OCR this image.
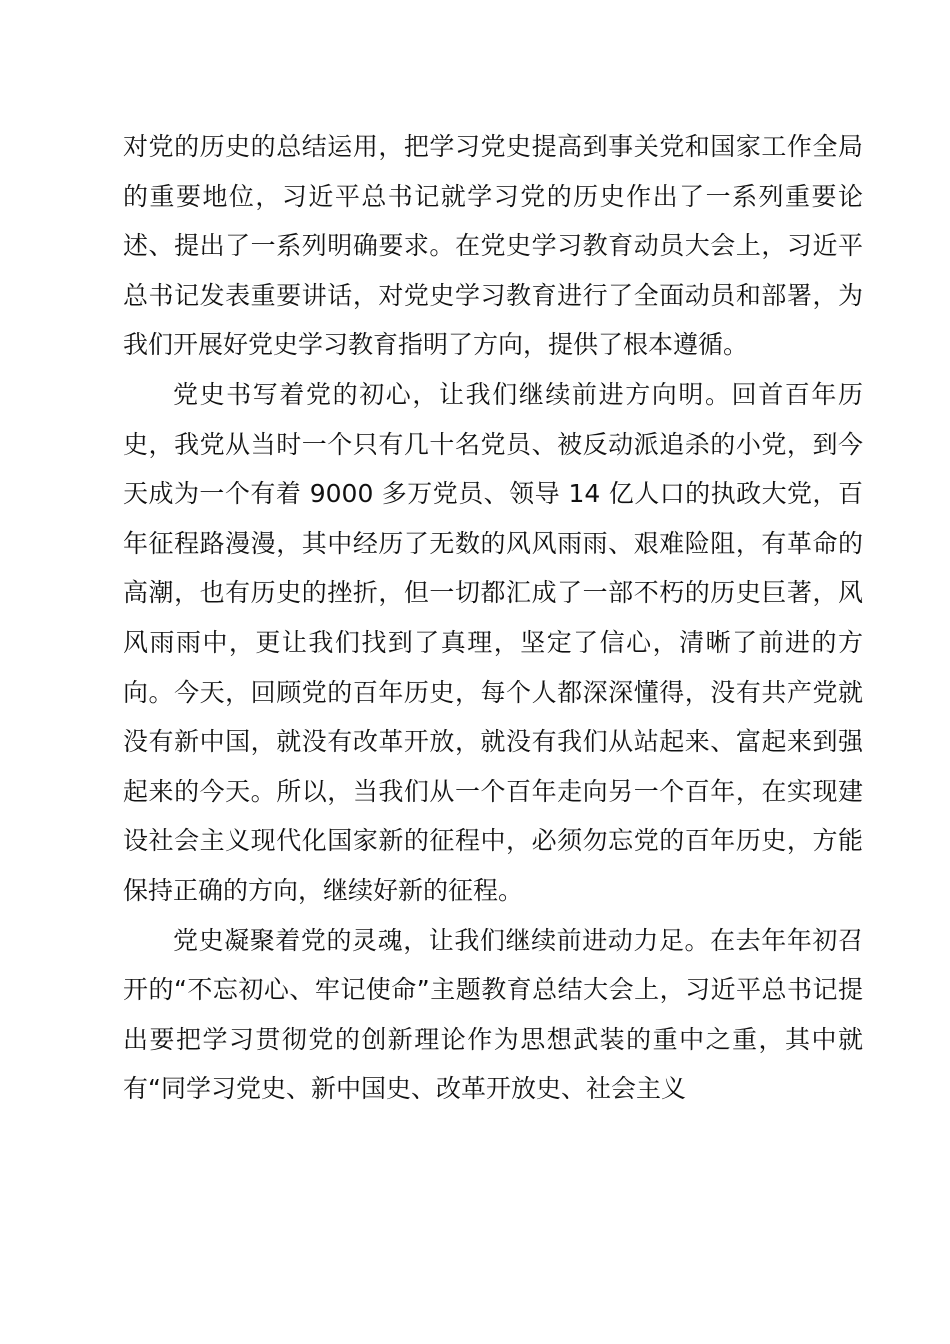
对党的历史的总结运用，把学习党史提高到事关党和国家工作全局的重要地位，习近平总书记就学习党的历史作出了一系列重要论述、提出了一系列明确要求。在党史学习教育动员大会上，习近平总书记发表重要讲话，对党史学习教育进行了全面动员和部署，为我们开展好党史学习教育指明了方向，提供了根本遵循。

党史书写着党的初心，让我们继续前进方向明。回首百年历史，我党从当时一个只有几十名党员、被反动派追杀的小党，到今天成为一个有着 9000 多万党员、领导 14 亿人口的执政大党，百年征程路漫漫，其中经历了无数的风风雨雨、艰难险阻，有革命的高潮，也有历史的挫折，但一切都汇成了一部不朽的历史巨著，风风雨雨中，更让我们找到了真理，坚定了信心，清晰了前进的方向。今天，回顾党的百年历史，每个人都深深懂得，没有共产党就没有新中国，就没有改革开放，就没有我们从站起来、富起来到强起来的今天。所以，当我们从一个百年走向另一个百年，在实现建设社会主义现代化国家新的征程中，必须勿忘党的百年历史，方能保持正确的方向，继续好新的征程。

党史凝聚着党的灵魂，让我们继续前进动力足。在去年年初召开的“不忘初心、牢记使命”主题教育总结大会上，习近平总书记提出要把学习贯彻党的创新理论作为思想武装的重中之重，其中就有“同学习党史、新中国史、改革开放史、社会主义
